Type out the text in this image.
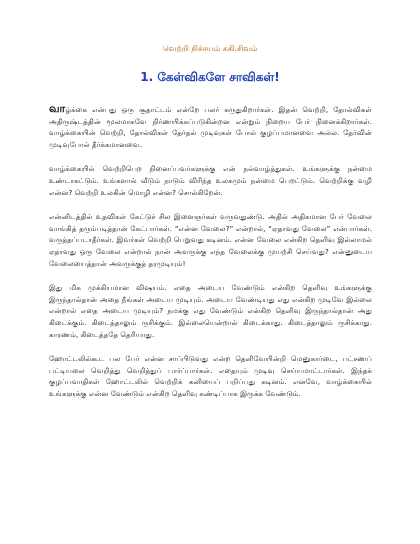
வெற்றி நிச்சயம் சுகி.சிவம்
1. கேள்விகளே சாவிகள்!

வாழ்க்கை என்பது ஒரு சூதாட்டம் என்றே பலர் கருதுகிறார்கள். இதன் வெற்றி, தோல்விகள் அதிருஷ்டத்தின் மூலமாகவே நிர்ணயிக்கப்படுகின்றன என்றும் நிறைய பேர் நினைக்கிறார்கள். வாழ்க்கையின் வெற்றி, தோல்விகள் தேர்தல் முடிவுகள் போல் குழப்பமானவை அல்ல. தேர்வின் முடிவுபோல் தீர்க்கமானவை.

வாழ்க்கையில் வெற்றிபெற நினைப்பவர்களுக்கு என் நல்வாழ்த்துகள். உங்களுக்கு நன்மை உண்டாகட்டும். உங்களால் வீடும் நாடும் விரிந்த உலகமும் நன்மை பெறட்டும். வெற்றிக்கு வழி என்ன? வெற்றி உலகின் மொழி என்ன? சொல்கிறேன்.

என்னிடத்தில் உதவிகள் கேட்டுச் சில இளைஞர்கள் வருவதுண்டு. அதில் அதிகமான பேர் வேலை வாங்கித் தரும்படித்தான் கேட்பார்கள். “என்ன வேலை?” என்றால், “ஏதாவது வேலை” என்பார்கள். வருத்தப்படாதீர்கள். இவர்கள் வெற்றி பெறுவது கடினம். என்ன வேலை என்கிற தெளிவு இல்லாமல் ஏதாவது ஒரு வேலை என்றால் நான் அவருக்கு எந்த வேலைக்கு முயற்சி செய்வது? என்னுடைய வேலையைத்தான் அவருக்குத் தரமுடியும்!

இது மிக முக்கியமான விஷயம். எதை அடைய வேண்டும் என்கிற தெளிவு உங்களுக்கு இருந்தால்தான் அதை நீங்கள் அடைய முடியும். அடைய வேண்டியது எது என்கிற முடிவே இல்லை என்றால் எதை அடைய முடியும்? நமக்கு எது வேண்டும் என்கிற தெளிவு இருந்தால்தான் அது கிடைக்கும். கிடைத்தாலும் ருசிக்கும். இல்லையென்றால் கிடைக்காது. கிடைத்தாலும் ருசிக்காது. காரணம், கிடைத்ததே தெரியாது.

ஹோட்டலில்கூட பல பேர் என்ன சாப்பிடுவது என்ற தெளிவேயின்றி மெனுகார்டை, பட்சணப் பட்டியலை வெறித்து வெறித்துப் பார்ப்பார்கள். எதையும் முடிவு செய்யமாட்டார்கள். இந்தக் குழப்பவாதிகள் ஹோட்டலில் வெற்றிக் கனியைப் பறிப்பது கடினம். எனவே, வாழ்க்கையில் உங்களுக்கு என்ன வேண்டும் என்கிற தெளிவு கண்டிப்பாக இருக்க வேண்டும்.
